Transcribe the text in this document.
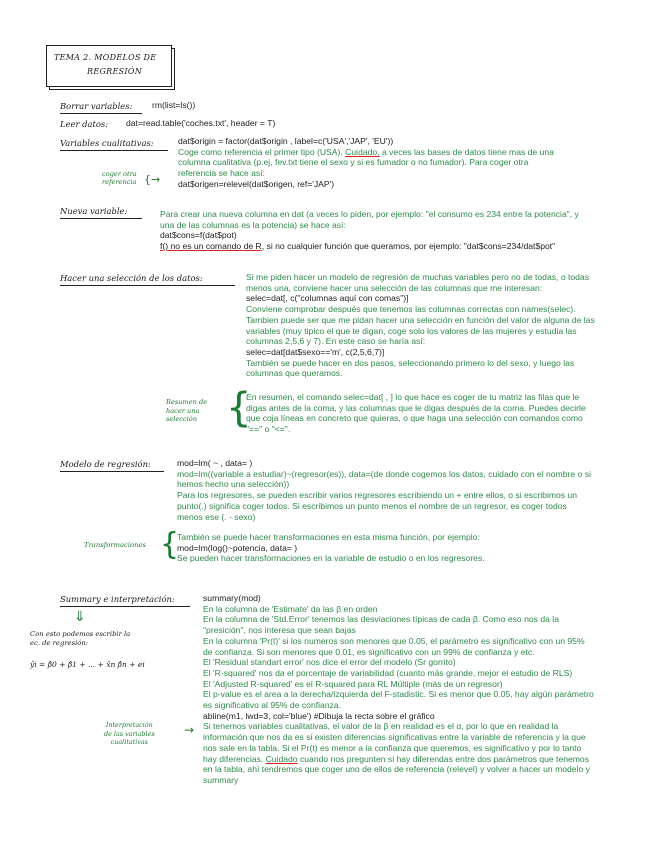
TEMA 2. MODELOS DE
REGRESIÓN
Borrar variables: rm(list=ls())
Leer datos: dat=read.table('coches.txt', header = T)
Variables cualitativas:	dat$origin = factor(dat$origin , label=c('USA','JAP', 'EU'))
Coge como referencia el primer tipo (USA). Cuidado, a veces las bases de datos tiene mas de una
columna cualitativa (p.ej, fev.txt tiene el sexo y si es fumador o no fumador). Para coger otra
referencia se hace así:
dat$origen=relevel(dat$origen, ref='JAP')
coger otra
referencia {→
Nueva variable:	Para crear una nueva columna en dat (a veces lo piden, por ejemplo: "el consumo es 234 entre la potencia", y
una de las columnas es la potencia) se hace así:
dat$cons=f(dat$pot)
f() no es un comando de R, si no cualquier función que queramos, por ejemplo: "dat$cons=234/dat$pot"
Hacer una selección de los datos:	Si me piden hacer un modelo de regresión de muchas variables pero no de todas, o todas
menos una, conviene hacer una selección de las columnas que me interesan:
selec=dat[, c("columnas aquí con comas")]
Conviene comprobar después que tenemos las columnas correctas con names(selec).
Tambien puede ser que me pidan hacer una selección en función del valor de alguna de las
variables (muy tipico el que te digan, coge solo los valores de las mujeres y estudia las
columnas 2,5,6 y 7). En este caso se haría así:
selec=dat[dat$sexo=='m', c(2,5,6,7)]
También se puede hacer en dos pasos, seleccionando primero lo del sexo, y luego las
columnas que queramos.
En resumen, el comando selec=dat[ , ] lo que hace es coger de tu matriz las filas que le
digas antes de la coma, y las columnas que le digas después de la coma. Puedes decirle
que coja líneas en concreto que quieras, o que haga una selección con comandos como
"==" o "<=".
Resumen de
hacer una
selección {
Modelo de regresión:	mod=lm( ~ , data= )
mod=lm((variable a estudiar)~(regresor(es)), data=(de donde cogemos los datos, cuidado con el nombre o si
hemos hecho una selección))
Para los regresores, se pueden escribir varios regresores escribiendo un + entre ellos, o si escribimos un
punto(.) significa coger todos. Si escribimos un punto menos el nombre de un regresor, es coger todos
menos ese (. - sexo)
También se puede hacer transformaciones en esta misma función, por ejemplo:
mod=lm(log()~potencia, data= )
Se pueden hacer transformaciones en la variable de estudio o en los regresores.
Transformaciones {
Summary e interpretación:	summary(mod)
En la columna de 'Estimate' da las β en orden
En la columna de 'Std.Error' tenemos las desviaciones típicas de cada β. Como eso nos da la
"presición", nos interesa que sean bajas
En la columna 'Pr(t)' si los numeros son menores que 0.05, el parámetro es significativo con un 95%
de confianza. Si son menores que 0.01, es significativo con un 99% de confianza y etc.
El 'Residual standart error' nos dice el error del modelo (Sr gorrito)
El 'R-squared' nos da el porcentaje de variabilidad (cuanto más grande, mejor el estudio de RLS)
El 'Adjusted R-squared' es el R-squared para RL Múltiple (más de un regresor)
El p-value es el area a la derecha/izquierda del F-stadistic. Si es menor que 0.05, hay algún parámetro
es significativo al 95% de confianza.
abline(m1, lwd=3, col='blue') #Dibuja la recta sobre el gráfico
Si tenemos variables cualitativas, el valor de la β en realidad es el α, por lo que en realidad la
información que nos da es si existen diferencias significativas entre la variable de referencia y la que
nos sale en la tabla. Si el Pr(t) es menor a la confianza que queremos, es significativo y por lo tanto
hay diferencias. Cuidado cuando nos pregunten si hay diferendas entre dos parámetros que tenemos
en la tabla, ahí tendremos que coger uno de ellos de referencia (relevel) y volver a hacer un modelo y
summary
⇓
Con esto podemos escribir la
ec. de regresión:
ŷi = β̂0 + β̂1 + ... + x̂n β̂n + ei
Interpretación
de las variables
cualitativas
→
